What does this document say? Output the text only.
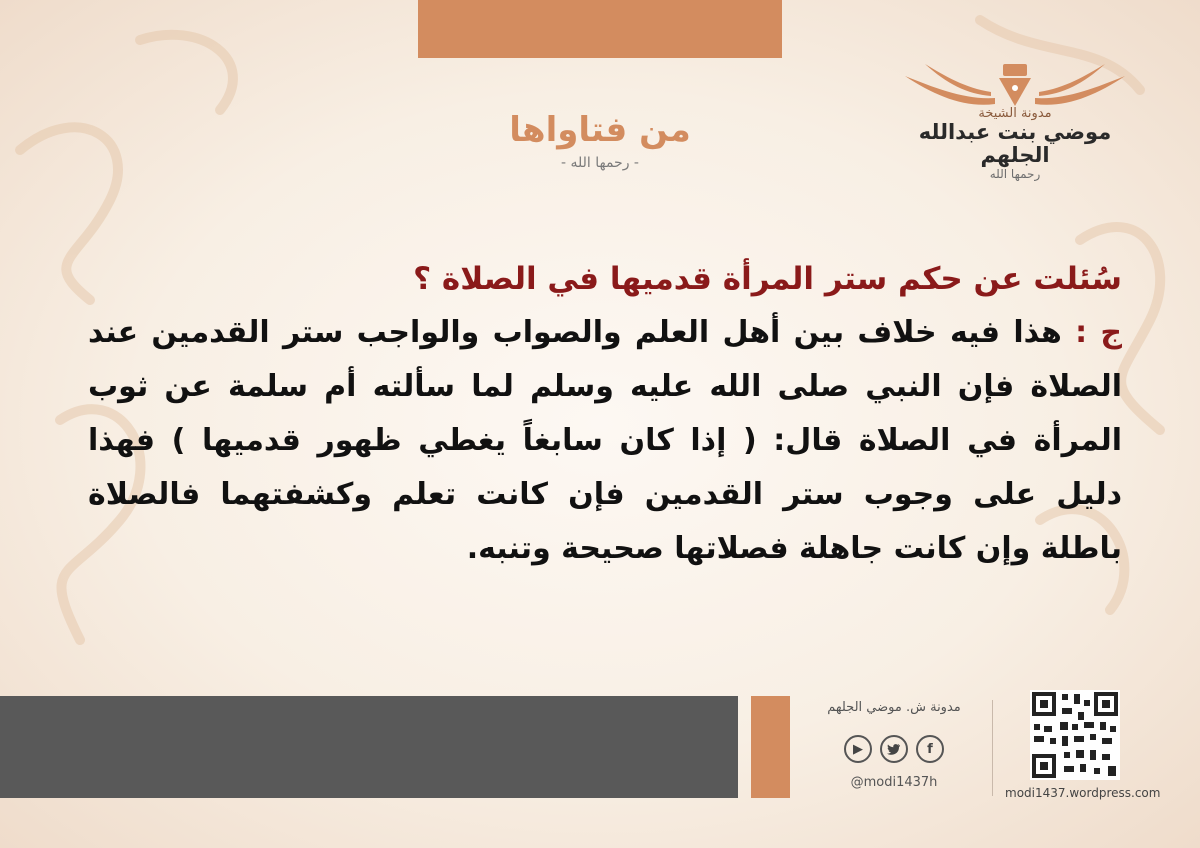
مدونة الشيخة
موضي بنت عبدالله الجلهم
رحمها الله
من فتاواها
- رحمها الله -
سُئلت عن حكم ستر المرأة قدميها في الصلاة ؟
ج : هذا فيه خلاف بين أهل العلم والصواب والواجب ستر القدمين عند الصلاة فإن النبي صلى الله عليه وسلم لما سألته أم سلمة عن ثوب المرأة في الصلاة قال: ( إذا كان سابغاً يغطي ظهور قدميها ) فهذا دليل على وجوب ستر القدمين فإن كانت تعلم وكشفتهما فالصلاة باطلة وإن كانت جاهلة فصلاتها صحيحة وتنبه.
مدونة ش. موضي الجلهم
▶	f
@modi1437h
modi1437.wordpress.com
